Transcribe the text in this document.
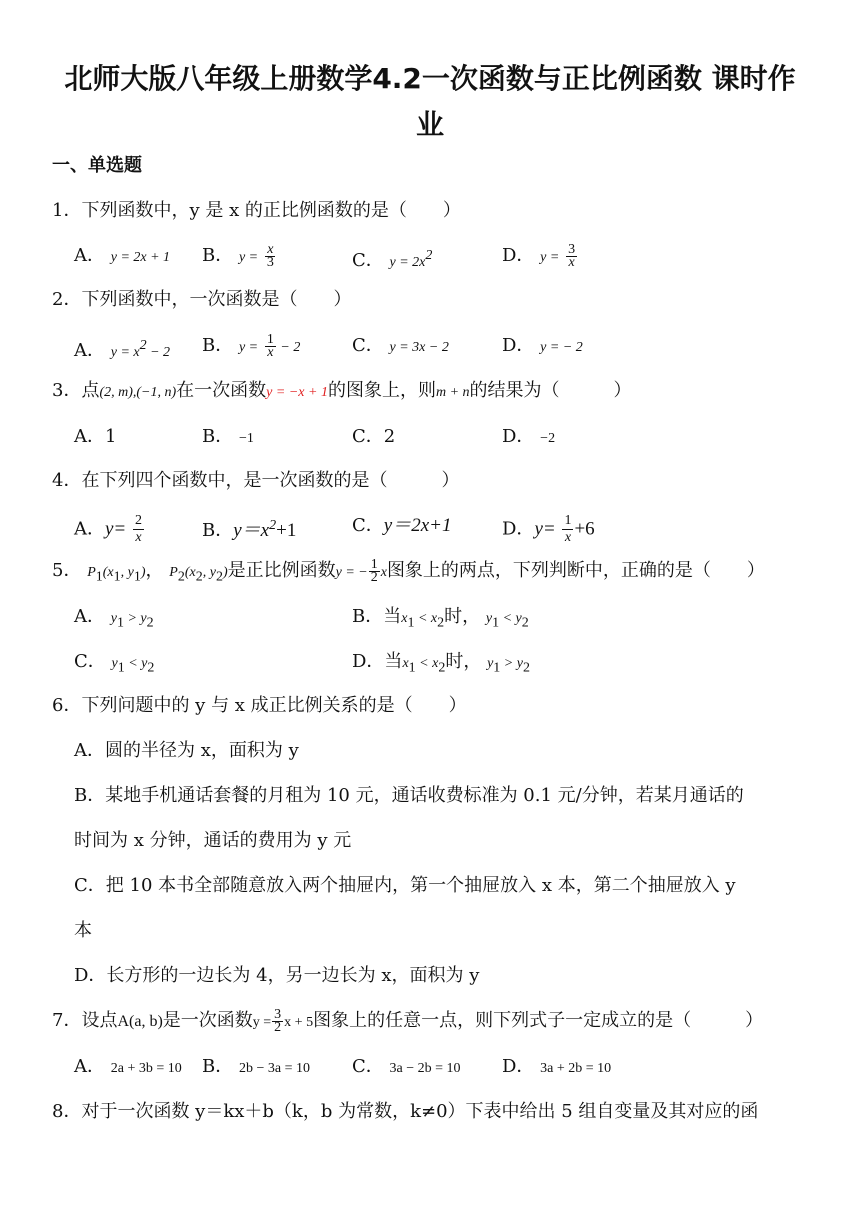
北师大版八年级上册数学4.2一次函数与正比例函数 课时作
业
一、单选题
1．下列函数中，y 是 x 的正比例函数的是（　　）
A． y = 2x + 1 B． $y = \frac{x}{3}$	C． $y = 2x^2$	D． $y = \frac{3}{x}$
2．下列函数中，一次函数是（　　）
A． $y = x^2 - 2$ B． $y = \frac{1}{x} - 2$	C． y = 3x − 2	D． y = − 2
3．点(2, m),(−1, n)在一次函数y = −x + 1的图象上，则m + n的结果为（　　　）
A．1	B． −1	C．2	D． −2
4．在下列四个函数中，是一次函数的是（　　　）
A．$y= \frac{2}{x}$	B．$y=x^2+1$	C．y＝2x+1	D．$y= \frac{1}{x} +6$
5． $P_1(x_1$, $y_1$)， $P_2(x_2$, $y_2$)是正比例函数y = − $\frac{1}{2}$ x图象上的两点，下列判断中，正确的是（　　）
A． $y_1 > y_2$	B．当$x_1 < x_2$时， $y_1 < y_2$
C． $y_1 < y_2$	D．当$x_1 < x_2$时， $y_1 > y_2$
6．下列问题中的 y 与 x 成正比例关系的是（　　）
A．圆的半径为 x，面积为 y
B．某地手机通话套餐的月租为 10 元，通话收费标准为 0.1 元/分钟，若某月通话的
时间为 x 分钟，通话的费用为 y 元
C．把 10 本书全部随意放入两个抽屉内，第一个抽屉放入 x 本，第二个抽屉放入 y
本
D．长方形的一边长为 4，另一边长为 x，面积为 y
7．设点A(a, b)是一次函数$y = \frac{3}{2}$ x + 5图象上的任意一点，则下列式子一定成立的是（　　　）
A． 2a + 3b = 10 B． 2b − 3a = 10 C． 3a − 2b = 10 D． 3a + 2b = 10
8．对于一次函数 y＝kx＋b（k，b 为常数，k≠0）下表中给出 5 组自变量及其对应的函
